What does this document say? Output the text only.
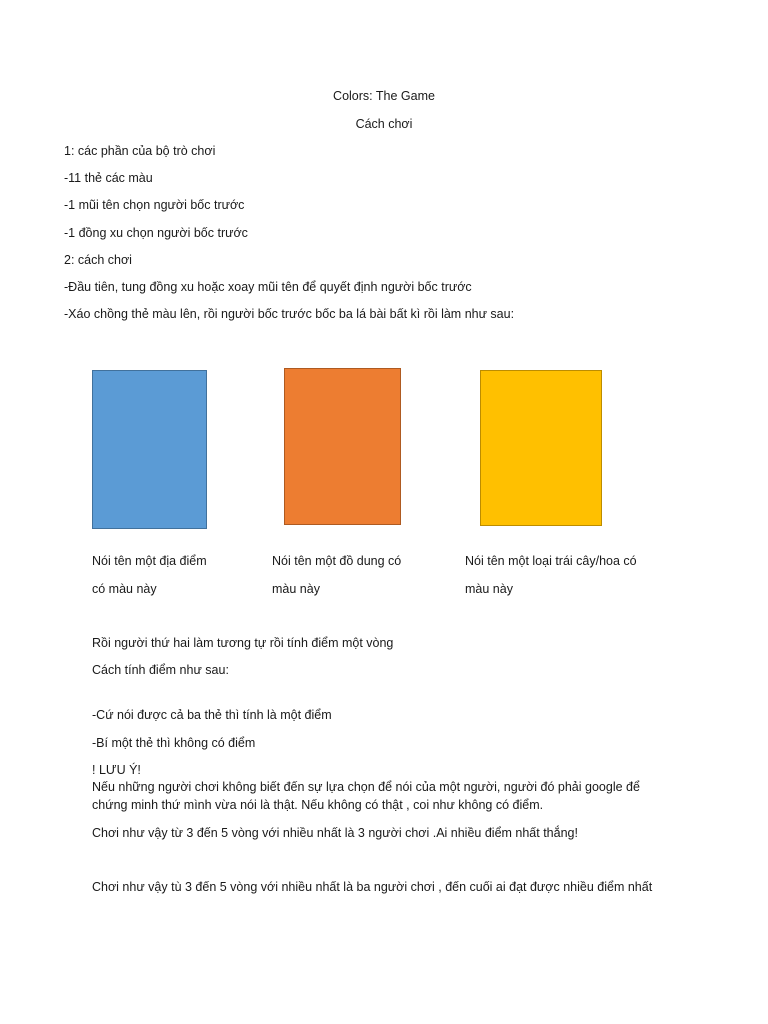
Colors: The Game
Cách chơi
1: các phần của bộ trò chơi
-11 thẻ các màu
-1 mũi tên chọn người bốc trước
-1 đồng xu chọn người bốc trước
2: cách chơi
-Đầu tiên, tung đồng xu hoặc xoay mũi tên để quyết định người bốc trước
-Xáo chồng thẻ màu lên, rồi người bốc trước bốc ba lá bài bất kì rồi làm như sau:
Nói tên một địa điểm
có màu này
Nói tên một đồ dung có
màu này
Nói tên một loại trái cây/hoa có
màu này
Rồi người thứ hai làm tương tự rồi tính điểm một vòng
Cách tính điểm như sau:
-Cứ nói được cả ba thẻ thì tính là một điểm
-Bí một thẻ thì không có điểm
! LƯU Ý!
Nếu những người chơi không biết đến sự lựa chọn để nói của một người, người đó phải google để
chứng minh thứ mình vừa nói là thật. Nếu không có thật , coi như không có điểm.
Chơi như vậy từ 3 đến 5 vòng với nhiều nhất là 3 người chơi .Ai nhiều điểm nhất thắng!
Chơi như vậy tù 3 đến 5 vòng với nhiều nhất là ba người chơi , đến cuối ai đạt được nhiều điểm nhất
